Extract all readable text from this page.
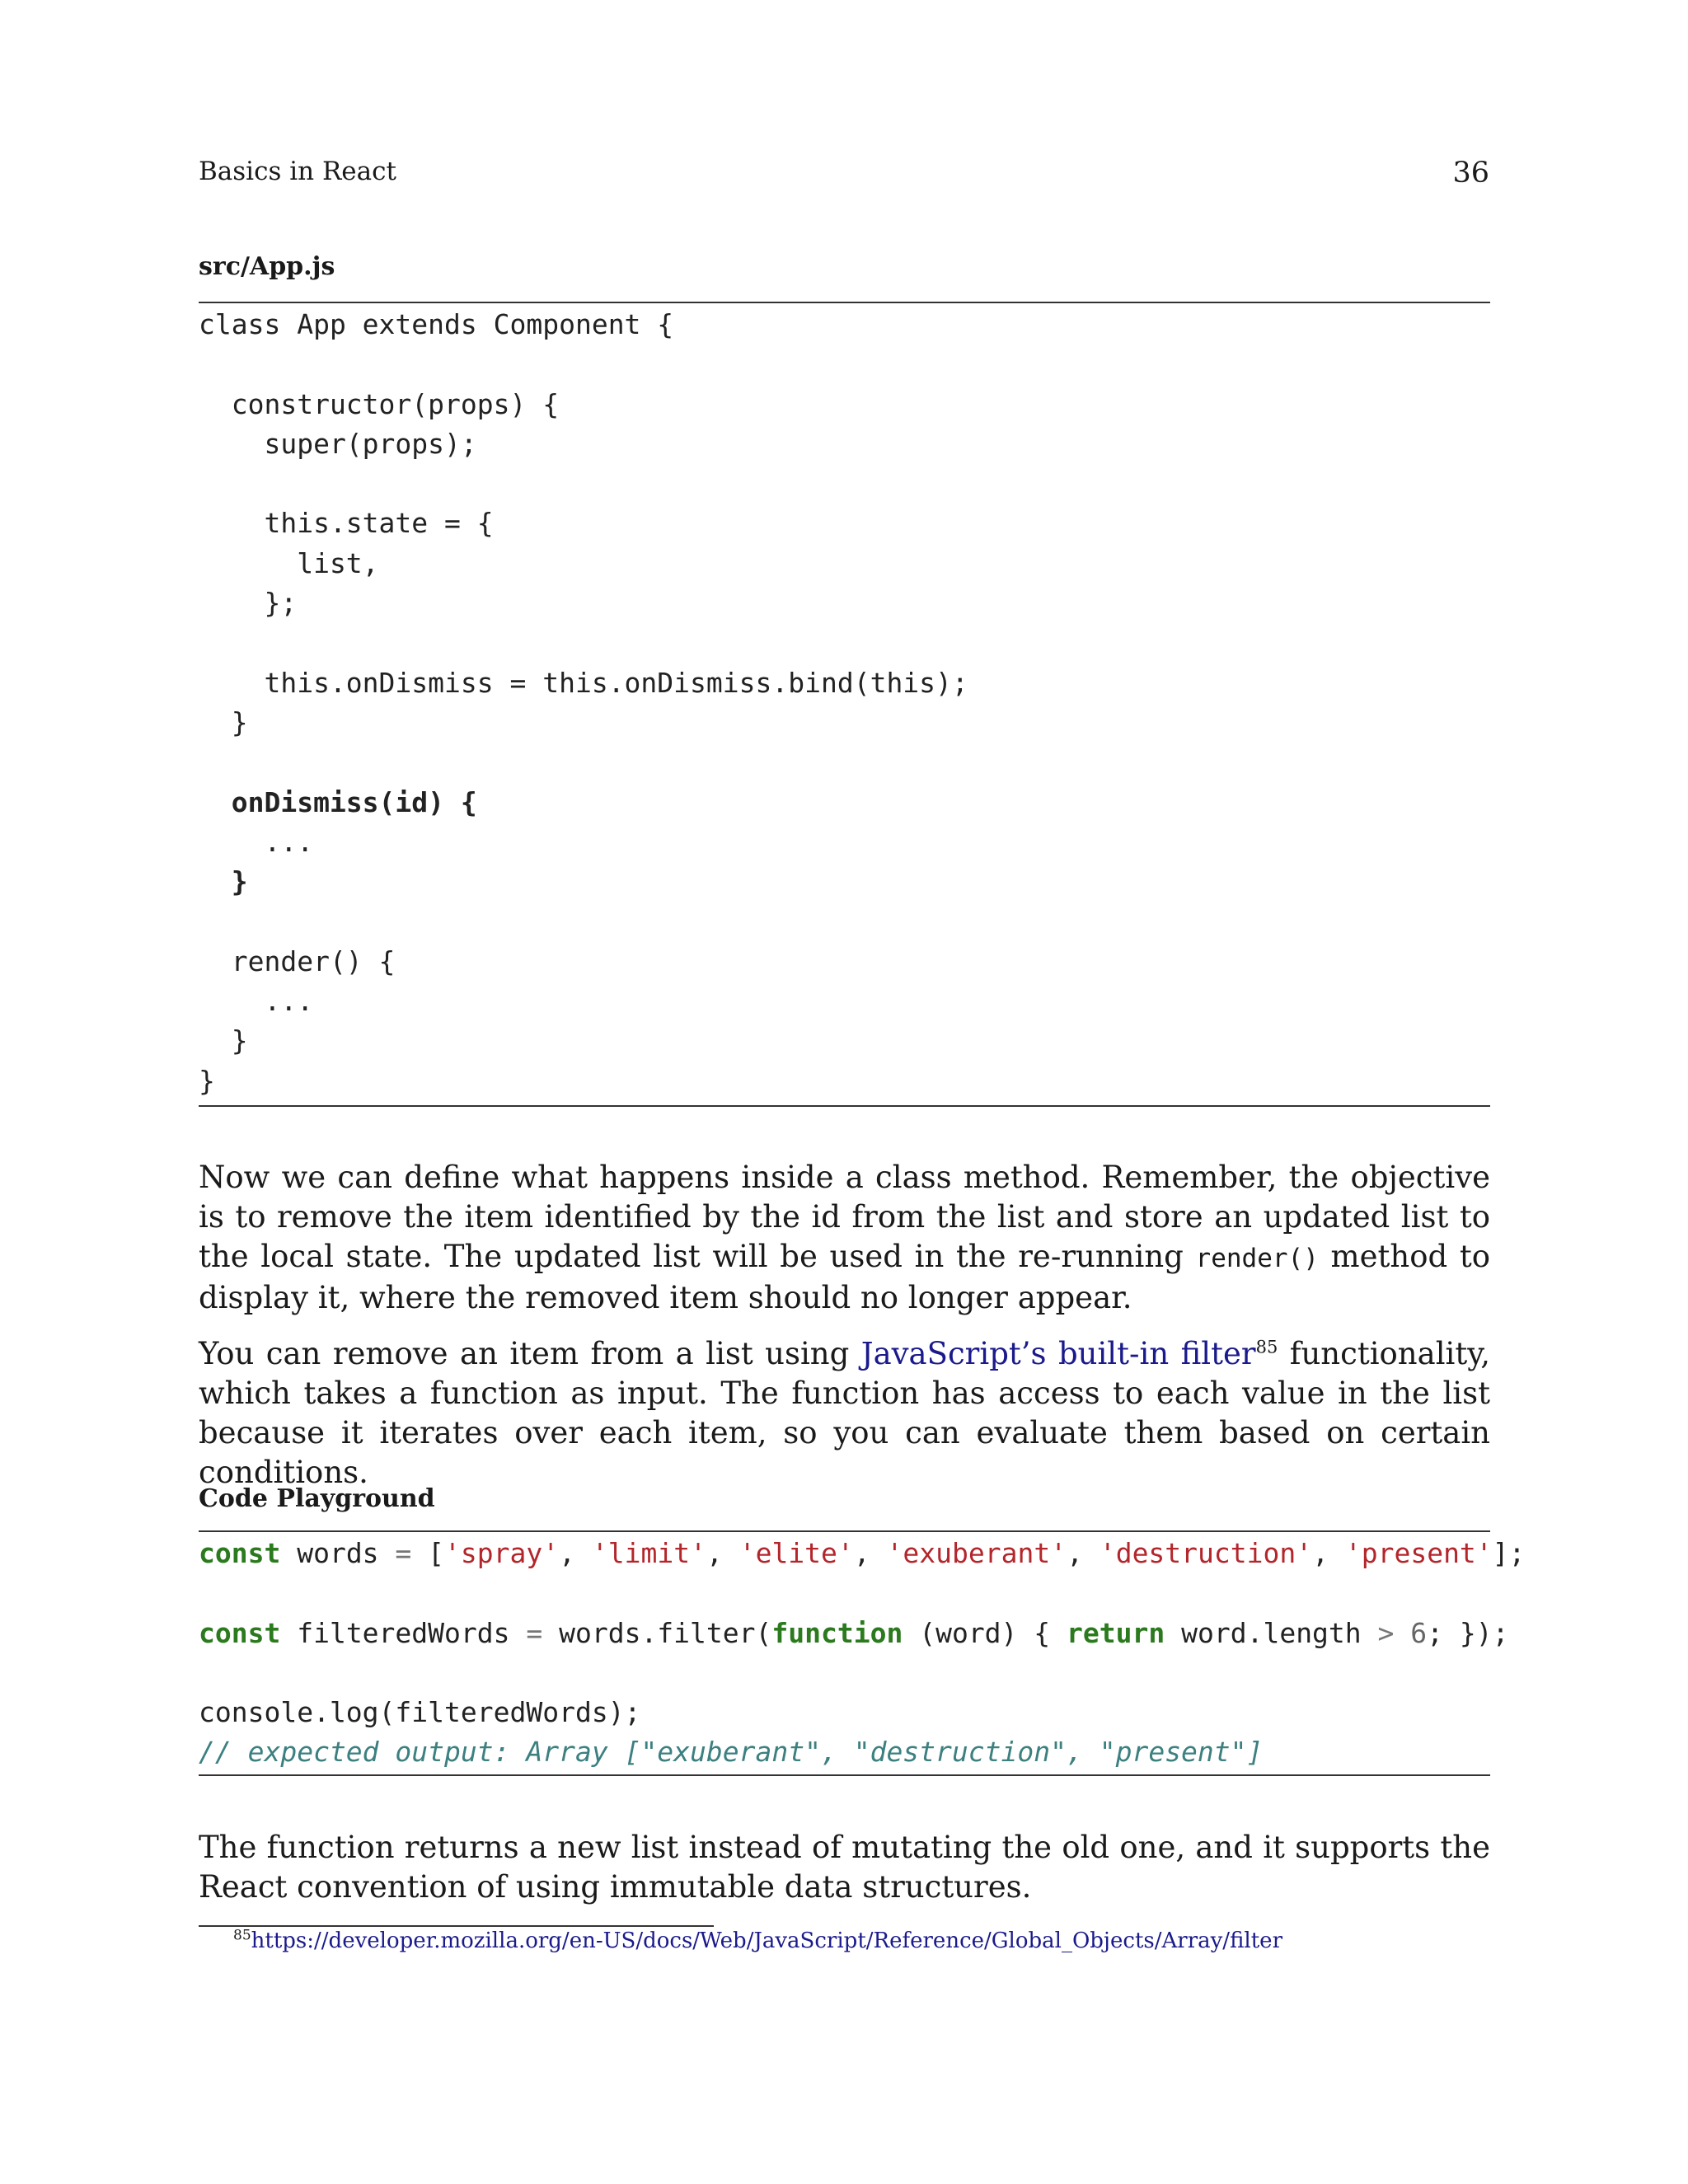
Basics in React	36
src/App.js
class App extends Component {
constructor(props) {
super(props);
this.state = {
list,
};
this.onDismiss = this.onDismiss.bind(this);
}
onDismiss(id) {
...
}
render() {
...
}
}

Now we can define what happens inside a class method. Remember, the objective is to remove the item identified by the id from the list and store an updated list to the local state. The updated list will be used in the re-running render() method to display it, where the removed item should no longer appear.

You can remove an item from a list using JavaScript’s built-in filter$^{85}$ functionality, which takes a function as input. The function has access to each value in the list because it iterates over each item, so you can evaluate them based on certain conditions.

Code Playground
const words = ['spray', 'limit', 'elite', 'exuberant', 'destruction', 'present'];
const filteredWords = words.filter(function (word) { return word.length > 6; });
console.log(filteredWords);
// expected output: Array ["exuberant", "destruction", "present"]

The function returns a new list instead of mutating the old one, and it supports the React convention of using immutable data structures.

$^{85}$https://developer.mozilla.org/en-US/docs/Web/JavaScript/Reference/Global_Objects/Array/filter
